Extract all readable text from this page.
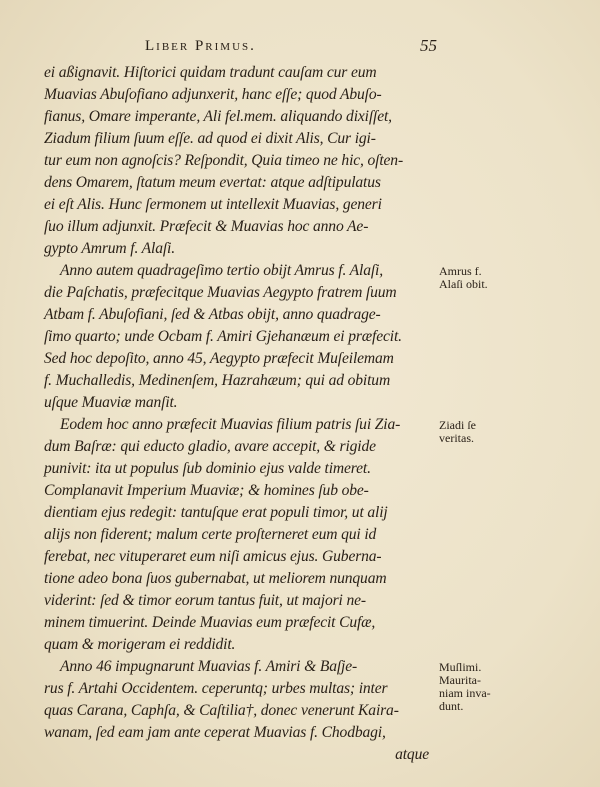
Liber Primus.	55
ei aßignavit. Hiſtorici quidam tradunt cauſam cur eum
Muavias Abuſofiano adjunxerit, hanc eſſe; quod Abuſo-
fianus, Omare imperante, Ali fel.mem. aliquando dixiſſet,
Ziadum filium ſuum eſſe. ad quod ei dixit Alis, Cur igi-
tur eum non agnoſcis? Reſpondit, Quia timeo ne hic, oſten-
dens Omarem, ſtatum meum evertat: atque adſtipulatus
ei eſt Alis. Hunc ſermonem ut intellexit Muavias, generi
ſuo illum adjunxit. Præfecit & Muavias hoc anno Ae-
gypto Amrum f. Alaſi.
Anno autem quadrageſimo tertio obijt Amrus f. Alaſi,
die Paſchatis, præfecitque Muavias Aegypto fratrem ſuum
Atbam f. Abuſofiani, ſed & Atbas obijt, anno quadrage-
ſimo quarto; unde Ocbam f. Amiri Gjehanæum ei præfecit.
Sed hoc depoſito, anno 45, Aegypto præfecit Muſeilemam
f. Muchalledis, Medinenſem, Hazrahæum; qui ad obitum
uſque Muaviæ manſit.
Eodem hoc anno præfecit Muavias filium patris ſui Zia-
dum Baſræ: qui educto gladio, avare accepit, & rigide
punivit: ita ut populus ſub dominio ejus valde timeret.
Complanavit Imperium Muaviæ; & homines ſub obe-
dientiam ejus redegit: tantuſque erat populi timor, ut alij
alijs non fiderent; malum certe proſterneret eum qui id
ferebat, nec vituperaret eum niſi amicus ejus. Guberna-
tione adeo bona ſuos gubernabat, ut meliorem nunquam
viderint: ſed & timor eorum tantus fuit, ut majori ne-
minem timuerint. Deinde Muavias eum præfecit Cufæ,
quam & morigeram ei reddidit.
Anno 46 impugnarunt Muavias f. Amiri & Baſje-
rus f. Artahi Occidentem. ceperuntq; urbes multas; inter
quas Carana, Caphſa, & Caſtilia†, donec venerunt Kaira-
wanam, ſed eam jam ante ceperat Muavias f. Chodbagi,
atque
Amrus f.
Alaſi obit.
Ziadi ſe
veritas.
Muſlimi.
Maurita-
niam inva-
dunt.
